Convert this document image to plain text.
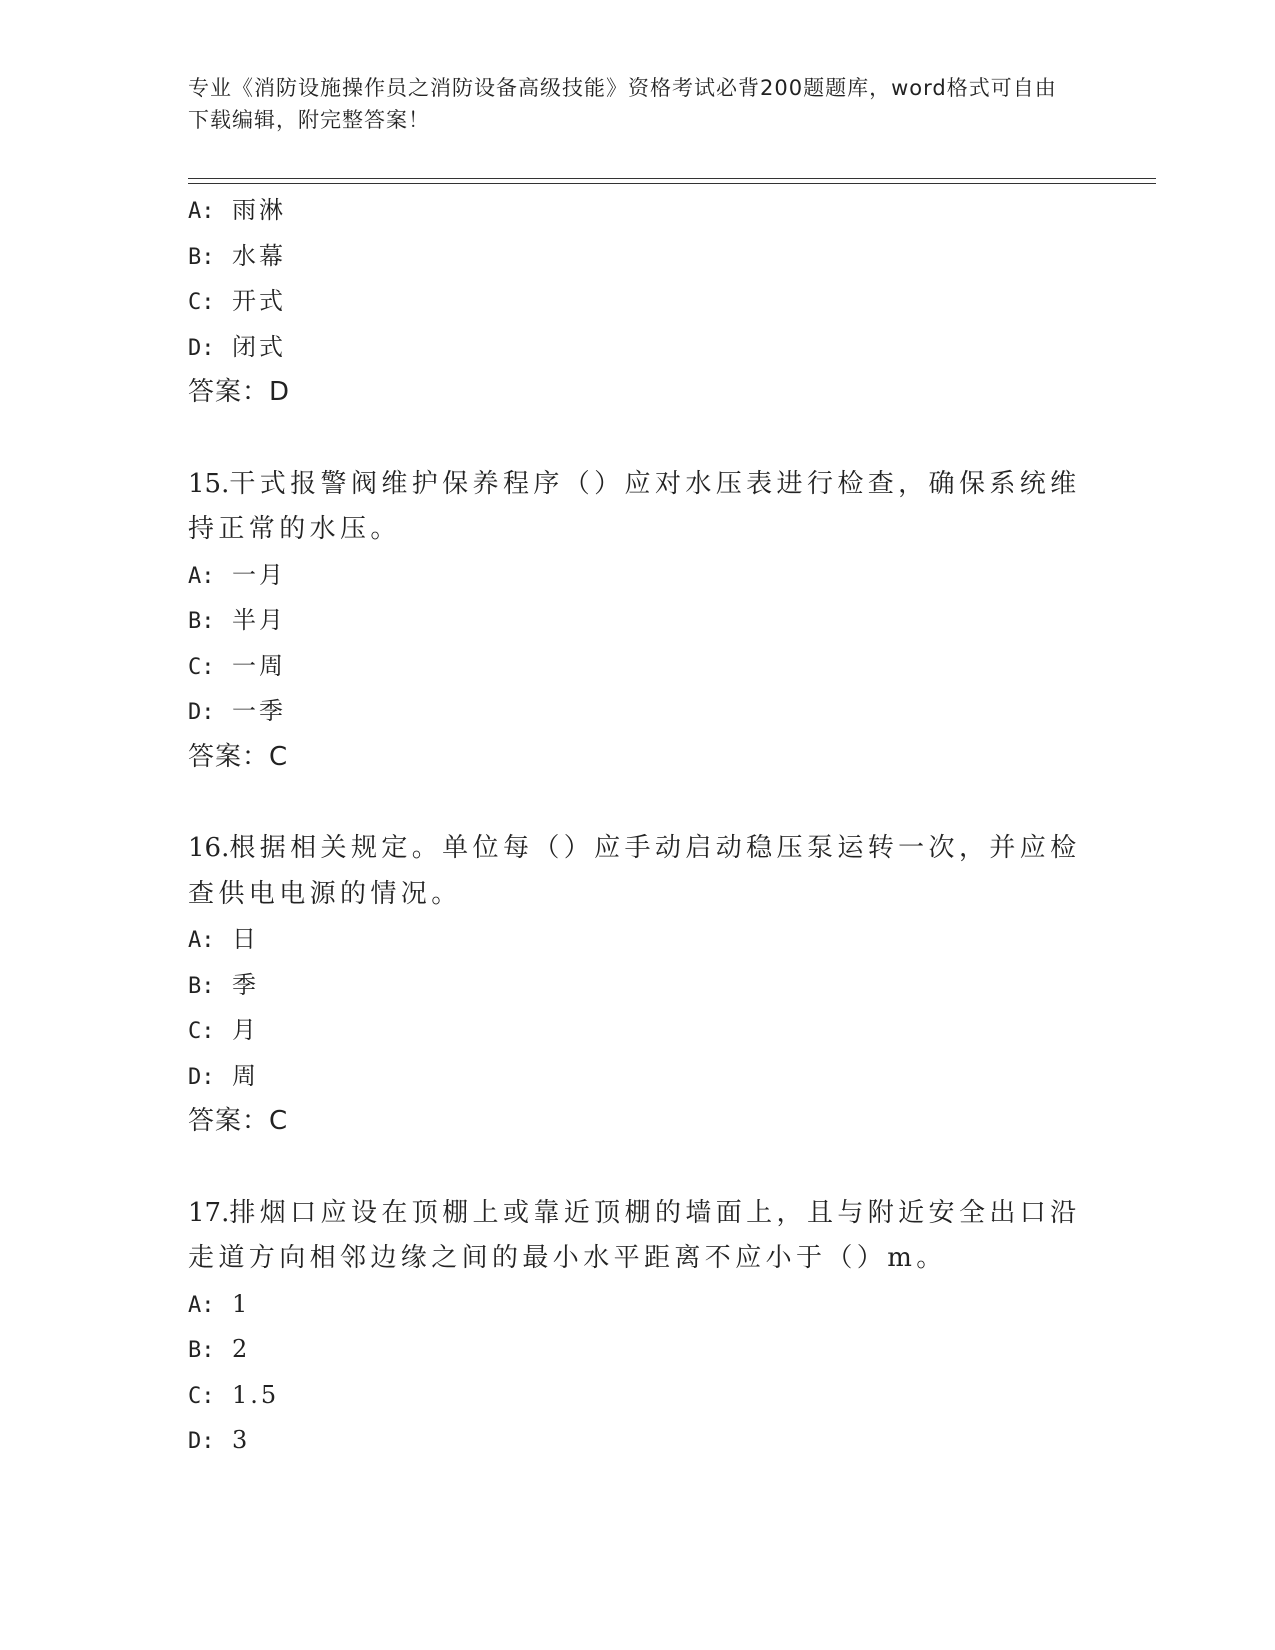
专业《消防设施操作员之消防设备高级技能》资格考试必背200题题库，word格式可自由下载编辑，附完整答案！
A: 雨淋
B: 水幕
C: 开式
D: 闭式
答案：D
15.干式报警阀维护保养程序（）应对水压表进行检查，确保系统维持正常的水压。
A: 一月
B: 半月
C: 一周
D: 一季
答案：C
16.根据相关规定。单位每（）应手动启动稳压泵运转一次，并应检查供电电源的情况。
A: 日
B: 季
C: 月
D: 周
答案：C
17.排烟口应设在顶棚上或靠近顶棚的墙面上，且与附近安全出口沿走道方向相邻边缘之间的最小水平距离不应小于（）m。
A: 1
B: 2
C: 1.5
D: 3
